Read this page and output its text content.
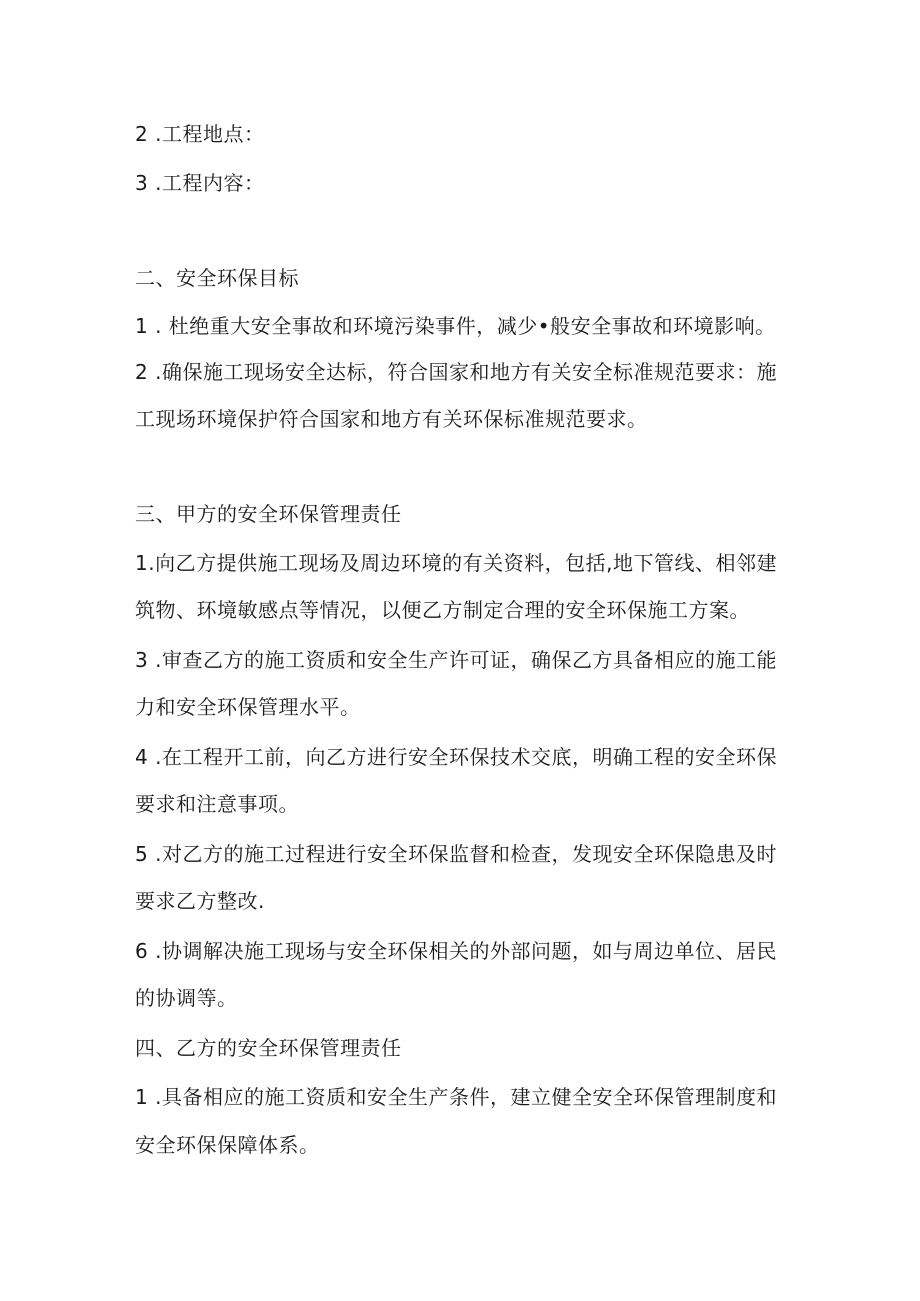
2 .工程地点：
3 .工程内容：
二、安全环保目标
1 . 杜绝重大安全事故和环境污染事件，减少•般安全事故和环境影响。
2 .确保施工现场安全达标，符合国家和地方有关安全标准规范要求：施
工现场环境保护符合国家和地方有关环保标准规范要求。
三、甲方的安全环保管理责任
1.向乙方提供施工现场及周边环境的有关资料，包括,地下管线、相邻建
筑物、环境敏感点等情况，以便乙方制定合理的安全环保施工方案。
3 .审查乙方的施工资质和安全生产许可证，确保乙方具备相应的施工能
力和安全环保管理水平。
4 .在工程开工前，向乙方进行安全环保技术交底，明确工程的安全环保
要求和注意事项。
5 .对乙方的施工过程进行安全环保监督和检查，发现安全环保隐患及时
要求乙方整改.
6 .协调解决施工现场与安全环保相关的外部问题，如与周边单位、居民
的协调等。
四、乙方的安全环保管理责任
1 .具备相应的施工资质和安全生产条件，建立健全安全环保管理制度和
安全环保保障体系。
